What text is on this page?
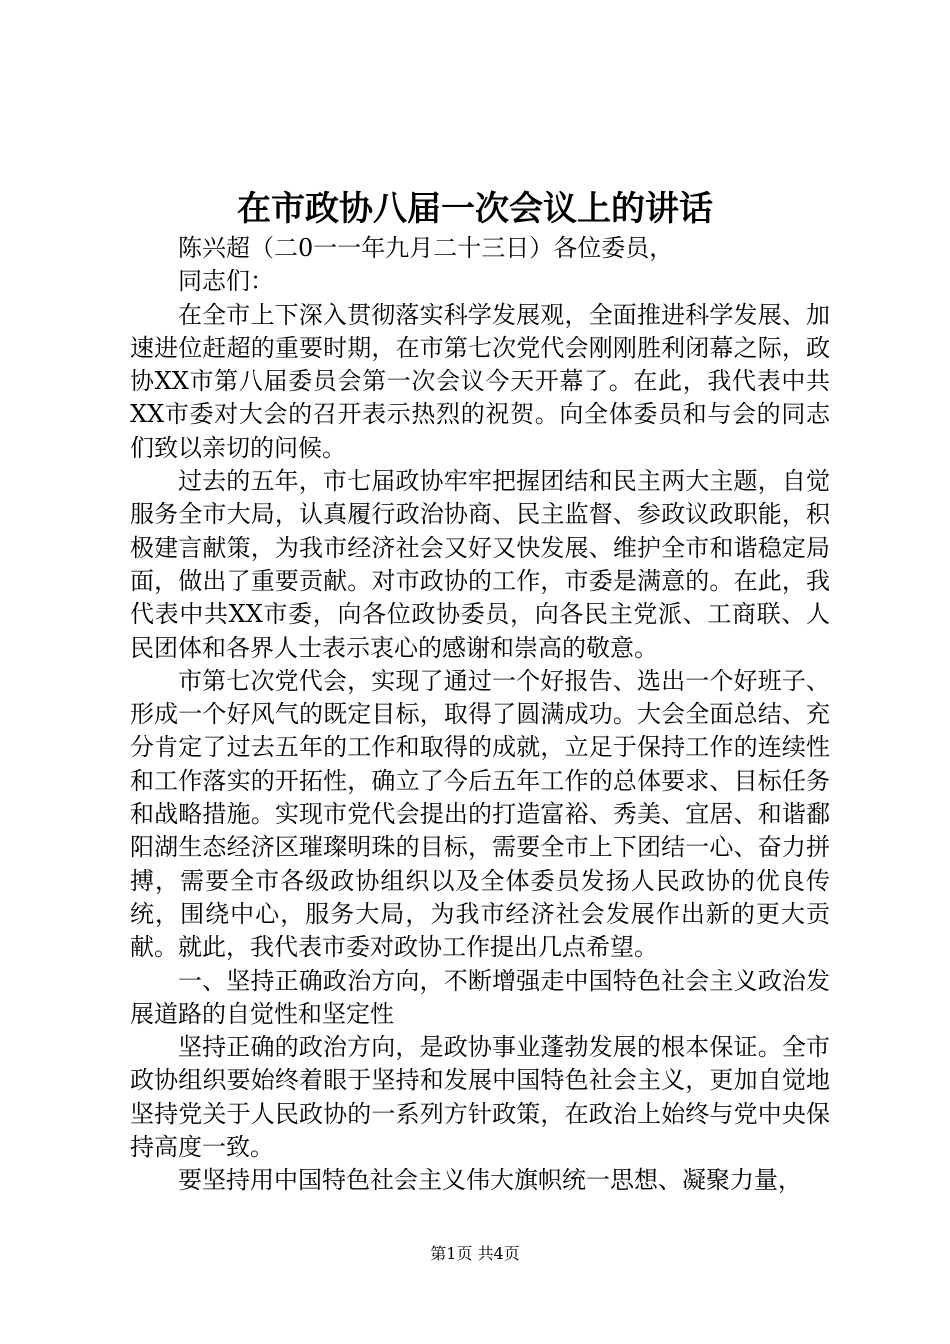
在市政协八届一次会议上的讲话

陈兴超（二0一一年九月二十三日）各位委员，

同志们：

在全市上下深入贯彻落实科学发展观，全面推进科学发展、加速进位赶超的重要时期，在市第七次党代会刚刚胜利闭幕之际，政协XX市第八届委员会第一次会议今天开幕了。在此，我代表中共XX市委对大会的召开表示热烈的祝贺。向全体委员和与会的同志们致以亲切的问候。

过去的五年，市七届政协牢牢把握团结和民主两大主题，自觉服务全市大局，认真履行政治协商、民主监督、参政议政职能，积极建言献策，为我市经济社会又好又快发展、维护全市和谐稳定局面，做出了重要贡献。对市政协的工作，市委是满意的。在此，我代表中共XX市委，向各位政协委员，向各民主党派、工商联、人民团体和各界人士表示衷心的感谢和崇高的敬意。

市第七次党代会，实现了通过一个好报告、选出一个好班子、形成一个好风气的既定目标，取得了圆满成功。大会全面总结、充分肯定了过去五年的工作和取得的成就，立足于保持工作的连续性和工作落实的开拓性，确立了今后五年工作的总体要求、目标任务和战略措施。实现市党代会提出的打造富裕、秀美、宜居、和谐鄱阳湖生态经济区璀璨明珠的目标，需要全市上下团结一心、奋力拼搏，需要全市各级政协组织以及全体委员发扬人民政协的优良传统，围绕中心，服务大局，为我市经济社会发展作出新的更大贡献。就此，我代表市委对政协工作提出几点希望。

一、坚持正确政治方向，不断增强走中国特色社会主义政治发展道路的自觉性和坚定性

坚持正确的政治方向，是政协事业蓬勃发展的根本保证。全市政协组织要始终着眼于坚持和发展中国特色社会主义，更加自觉地坚持党关于人民政协的一系列方针政策，在政治上始终与党中央保持高度一致。

要坚持用中国特色社会主义伟大旗帜统一思想、凝聚力量，

第1页 共4页
